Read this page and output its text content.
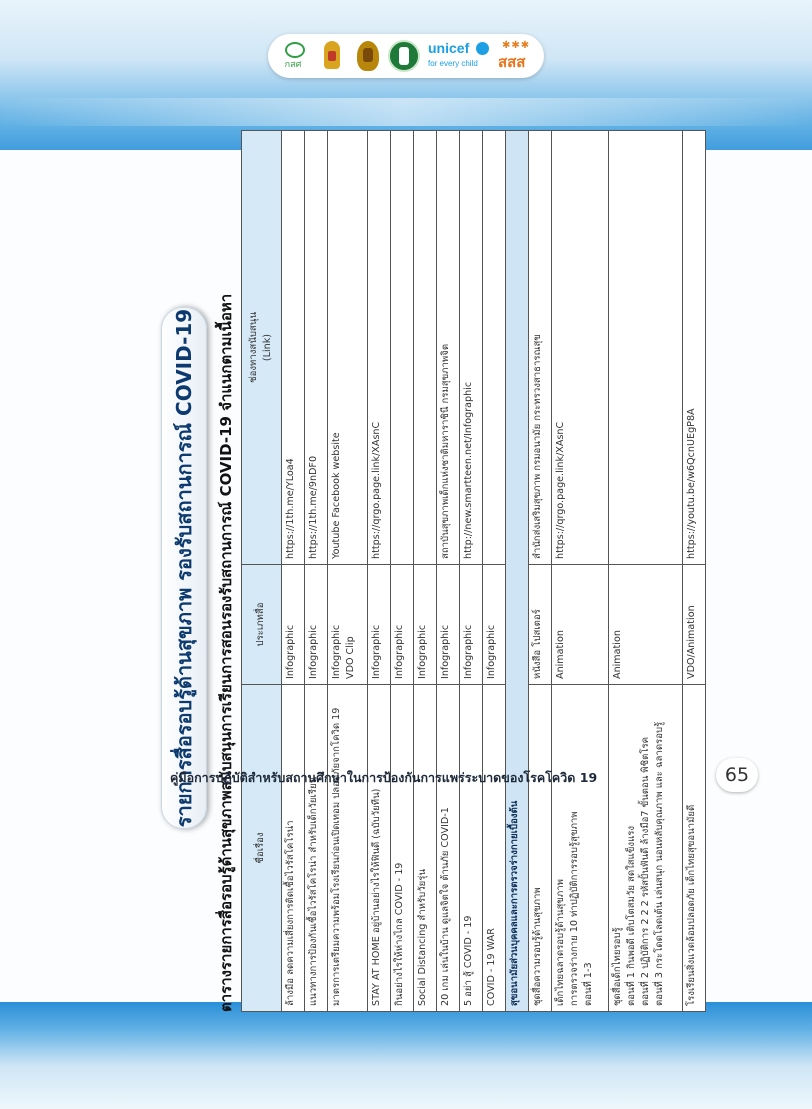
กสศ
unicef
for every child
✱✱✱
สสส
รายการสื่อรอบรู้ด้านสุขภาพ รองรับสถานการณ์ COVID-19	ตารางรายการสื่อรอบรู้ด้านสุขภาพสนับสนุนการเรียนการสอนรองรับสถานการณ์ COVID-19 จำแนกตามเนื้อหา	ชื่อเรื่อง	ประเภทสื่อ	ช่องทางสนับสนุน (Link)

ล้างมือ ลดความเสี่ยงการติดเชื้อไวรัสโคโรน่า	Infographic	https://1th.me/YLoa4
แนวทางการป้องกันเชื้อไวรัสโคโรน่า สำหรับเด็กวัยเรียน	Infographic	https://1th.me/9nDF0
มาตรการเตรียมความพร้อมโรงเรียนก่อนเปิดเทอม ปลอดภัยจากโควิด 19	Infographic VDO Clip	Youtube Facebook website
STAY AT HOME อยู่บ้านอย่างไรให้ฟินดี (ฉบับวัยทีน)	Infographic	https://qrgo.page.link/XAsnC
กินอย่างไรให้ห่างไกล COVID - 19	Infographic	

Social Distancing สำหรับวัยรุ่น	Infographic	

20 เกม เล่นในบ้าน ดูแลจิตใจ ต้านภัย COVID-1	Infographic	สถาบันสุขภาพเด็กแห่งชาติมหาราชินี กรมสุขภาพจิต
5 อย่า สู้ COVID - 19	Infographic	http://new.smartteen.net/Infographic
COVID - 19 WAR	Infographic	

สุขอนามัยส่วนบุคคลและการตรวจร่างกายเบื้องต้น		
ชุดสื่อความรอบรู้ด้านสุขภาพ	หนังสือ โปสเตอร์	สำนักส่งเสริมสุขภาพ กรมอนามัย กระทรวงสาธารณสุข

เด็กไทยฉลาดรอบรู้ด้านสุขภาพ การตรวจร่างกาย 10 ท่าปฏิบัติการรอบรู้สุขภาพ ตอนที่ 1-3	Animation	https://qrgo.page.link/XAsnC

ชุดสื่อเด็กไทยรอบรู้ ตอนที่ 1 กินพอดี เติบโตสมวัย สดใสแข็งแรง ตอนที่ 2 ปฏิบัติการ 2 2 2 รหัสปั้นฟันดี ล้างมือ7 ขั้นตอน พิชิตโรค ตอนที่ 3 กระโดดโลดเต้น เล่นสนุก นอนหลับคุณภาพ และ ฉลาดรอบรู้	Animation	
โรงเรียนสิ่งแวดล้อมปลอดภัย เด็กไทยสุขอนามัยดี	VDO/Animation	https://youtu.be/w6QcnUEgP8A
คู่มือการปฏิบัติสำหรับสถานศึกษาในการป้องกันการแพร่ระบาดของโรคโควิด 19	65
